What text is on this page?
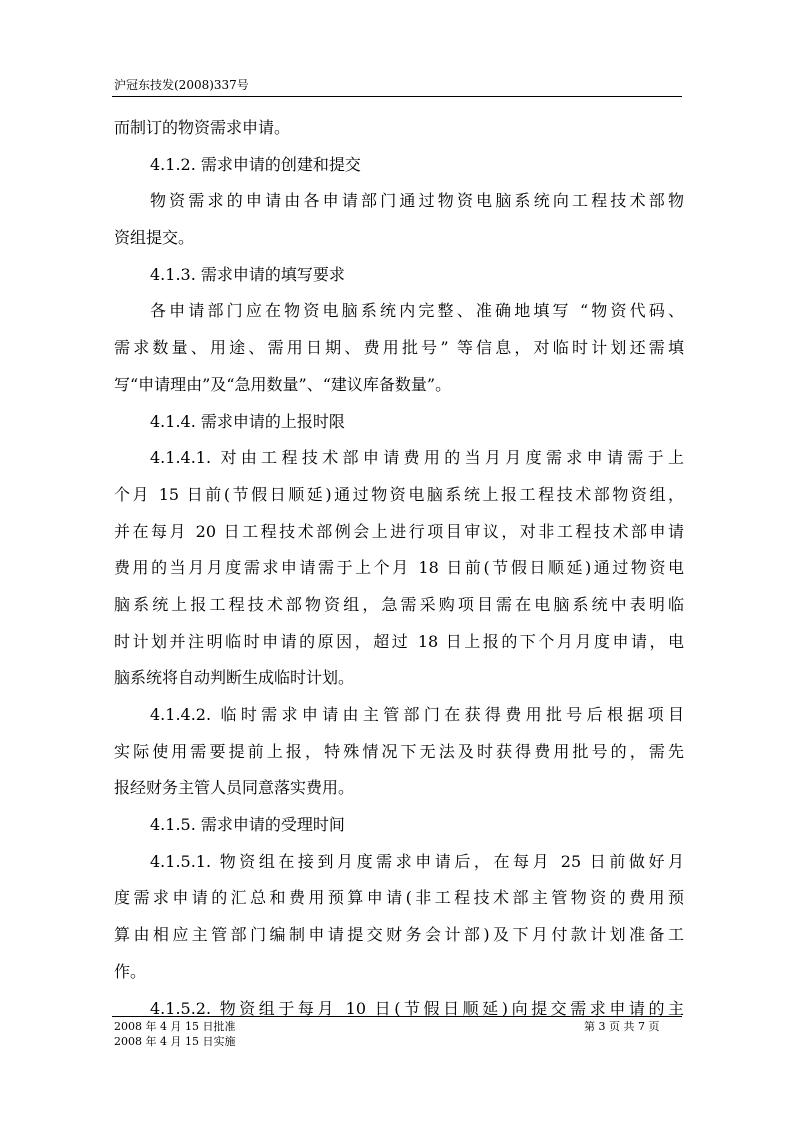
沪冠东技发(2008)337号
而制订的物资需求申请。
4.1.2. 需求申请的创建和提交
物资需求的申请由各申请部门通过物资电脑系统向工程技术部物
资组提交。
4.1.3. 需求申请的填写要求
各申请部门应在物资电脑系统内完整、准确地填写 “物资代码、
需求数量、用途、需用日期、费用批号” 等信息，对临时计划还需填
写“申请理由”及“急用数量”、“建议库备数量”。
4.1.4. 需求申请的上报时限
4.1.4.1. 对由工程技术部申请费用的当月月度需求申请需于上
个月 15 日前(节假日顺延)通过物资电脑系统上报工程技术部物资组，
并在每月 20 日工程技术部例会上进行项目审议，对非工程技术部申请
费用的当月月度需求申请需于上个月 18 日前(节假日顺延)通过物资电
脑系统上报工程技术部物资组，急需采购项目需在电脑系统中表明临
时计划并注明临时申请的原因，超过 18 日上报的下个月月度申请，电
脑系统将自动判断生成临时计划。
4.1.4.2. 临时需求申请由主管部门在获得费用批号后根据项目
实际使用需要提前上报，特殊情况下无法及时获得费用批号的，需先
报经财务主管人员同意落实费用。
4.1.5. 需求申请的受理时间
4.1.5.1. 物资组在接到月度需求申请后，在每月 25 日前做好月
度需求申请的汇总和费用预算申请(非工程技术部主管物资的费用预
算由相应主管部门编制申请提交财务会计部)及下月付款计划准备工
作。
4.1.5.2. 物资组于每月 10 日(节假日顺延)向提交需求申请的主
2008 年 4 月 15 日批准
2008 年 4 月 15 日实施
第 3 页 共 7 页
